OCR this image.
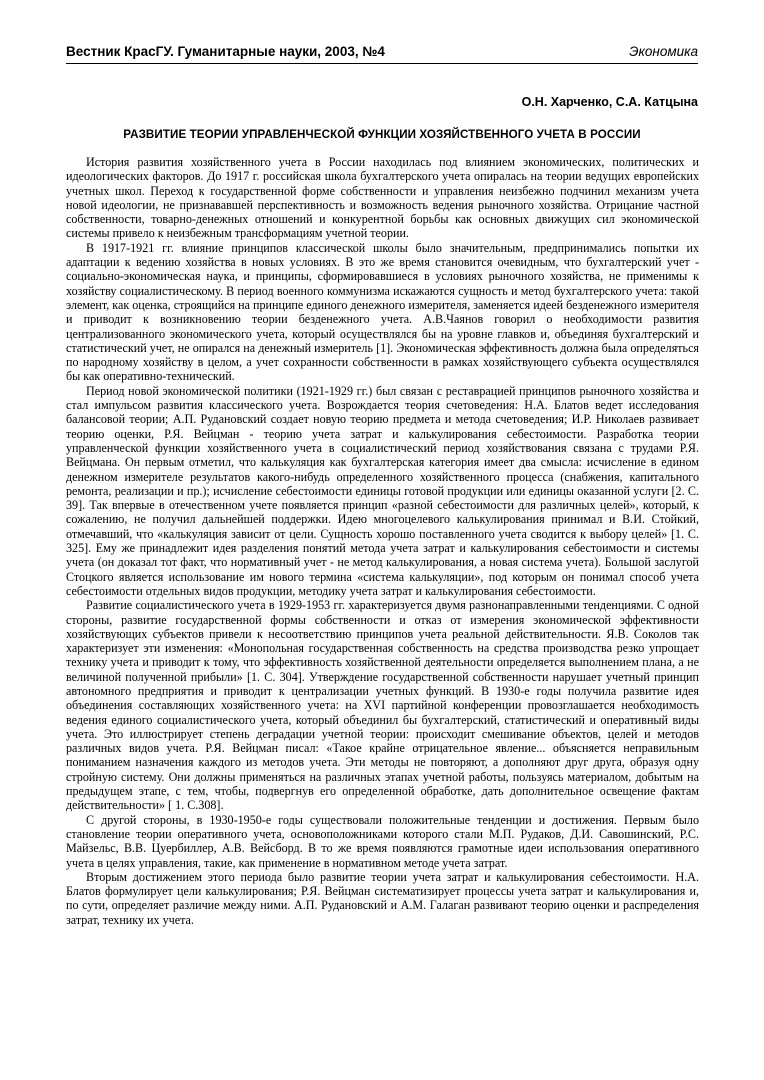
Вестник КрасГУ. Гуманитарные науки, 2003, №4	Экономика
О.Н. Харченко, С.А. Катцына
РАЗВИТИЕ ТЕОРИИ УПРАВЛЕНЧЕСКОЙ ФУНКЦИИ ХОЗЯЙСТВЕННОГО УЧЕТА В РОССИИ

История развития хозяйственного учета в России находилась под влиянием экономических, политических и идеологических факторов. До 1917 г. российская школа бухгалтерского учета опиралась на теории ведущих европейских учетных школ. Переход к государственной форме собственности и управления неизбежно подчинил механизм учета новой идеологии, не признававшей перспективность и возможность ведения рыночного хозяйства. Отрицание частной собственности, товарно-денежных отношений и конкурентной борьбы как основных движущих сил экономической системы привело к неизбежным трансформациям учетной теории.

В 1917-1921 гг. влияние принципов классической школы было значительным, предпринимались попытки их адаптации к ведению хозяйства в новых условиях. В это же время становится очевидным, что бухгалтерский учет - социально-экономическая наука, и принципы, сформировавшиеся в условиях рыночного хозяйства, не применимы к хозяйству социалистическому. В период военного коммунизма искажаются сущность и метод бухгалтерского учета: такой элемент, как оценка, строящийся на принципе единого денежного измерителя, заменяется идеей безденежного измерителя и приводит к возникновению теории безденежного учета. А.В.Чаянов говорил о необходимости развития централизованного экономического учета, который осуществлялся бы на уровне главков и, объединяя бухгалтерский и статистический учет, не опирался на денежный измеритель [1]. Экономическая эффективность должна была определяться по народному хозяйству в целом, а учет сохранности собственности в рамках хозяйствующего субъекта осуществлялся бы как оперативно-технический.

Период новой экономической политики (1921-1929 гг.) был связан с реставрацией принципов рыночного хозяйства и стал импульсом развития классического учета. Возрождается теория счетоведения: Н.А. Блатов ведет исследования балансовой теории; А.П. Рудановский создает новую теорию предмета и метода счетоведения; И.Р. Николаев развивает теорию оценки, Р.Я. Вейцман - теорию учета затрат и калькулирования себестоимости. Разработка теории управленческой функции хозяйственного учета в социалистический период хозяйствования связана с трудами Р.Я. Вейцмана. Он первым отметил, что калькуляция как бухгалтерская категория имеет два смысла: исчисление в едином денежном измерителе результатов какого-нибудь определенного хозяйственного процесса (снабжения, капитального ремонта, реализации и пр.); исчисление себестоимости единицы готовой продукции или единицы оказанной услуги [2. С. 39]. Так впервые в отечественном учете появляется принцип «разной себестоимости для различных целей», который, к сожалению, не получил дальнейшей поддержки. Идею многоцелевого калькулирования принимал и В.И. Стойкий, отмечавший, что «калькуляция зависит от цели. Сущность хорошо поставленного учета сводится к выбору целей» [1. С. 325]. Ему же принадлежит идея разделения понятий метода учета затрат и калькулирования себестоимости и системы учета (он доказал тот факт, что нормативный учет - не метод калькулирования, а новая система учета). Большой заслугой Стоцкого является использование им нового термина «система калькуляции», под которым он понимал способ учета себестоимости отдельных видов продукции, методику учета затрат и калькулирования себестоимости.

Развитие социалистического учета в 1929-1953 гг. характеризуется двумя разнонаправленными тенденциями. С одной стороны, развитие государственной формы собственности и отказ от измерения экономической эффективности хозяйствующих субъектов привели к несоответствию принципов учета реальной действительности. Я.В. Соколов так характеризует эти изменения: «Монопольная государственная собственность на средства производства резко упрощает технику учета и приводит к тому, что эффективность хозяйственной деятельности определяется выполнением плана, а не величиной полученной прибыли» [1. С. 304]. Утверждение государственной собственности нарушает учетный принцип автономного предприятия и приводит к централизации учетных функций. В 1930-е годы получила развитие идея объединения составляющих хозяйственного учета: на XVI партийной конференции провозглашается необходимость ведения единого социалистического учета, который объединил бы бухгалтерский, статистический и оперативный виды учета. Это иллюстрирует степень деградации учетной теории: происходит смешивание объектов, целей и методов различных видов учета. Р.Я. Вейцман писал: «Такое крайне отрицательное явление... объясняется неправильным пониманием назначения каждого из методов учета. Эти методы не повторяют, а дополняют друг друга, образуя одну стройную систему. Они должны применяться на различных этапах учетной работы, пользуясь материалом, добытым на предыдущем этапе, с тем, чтобы, подвергнув его определенной обработке, дать дополнительное освещение фактам действительности» [ 1. С.308].

С другой стороны, в 1930-1950-е годы существовали положительные тенденции и достижения. Первым было становление теории оперативного учета, основоположниками которого стали М.П. Рудаков, Д.И. Савошинский, Р.С. Майзельс, В.В. Цуербиллер, А.В. Вейсборд. В то же время появляются грамотные идеи использования оперативного учета в целях управления, такие, как применение в нормативном методе учета затрат.

Вторым достижением этого периода было развитие теории учета затрат и калькулирования себестоимости. Н.А. Блатов формулирует цели калькулирования; Р.Я. Вейцман систематизирует процессы учета затрат и калькулирования и, по сути, определяет различие между ними. А.П. Рудановский и А.М. Галаган развивают теорию оценки и распределения затрат, технику их учета.
